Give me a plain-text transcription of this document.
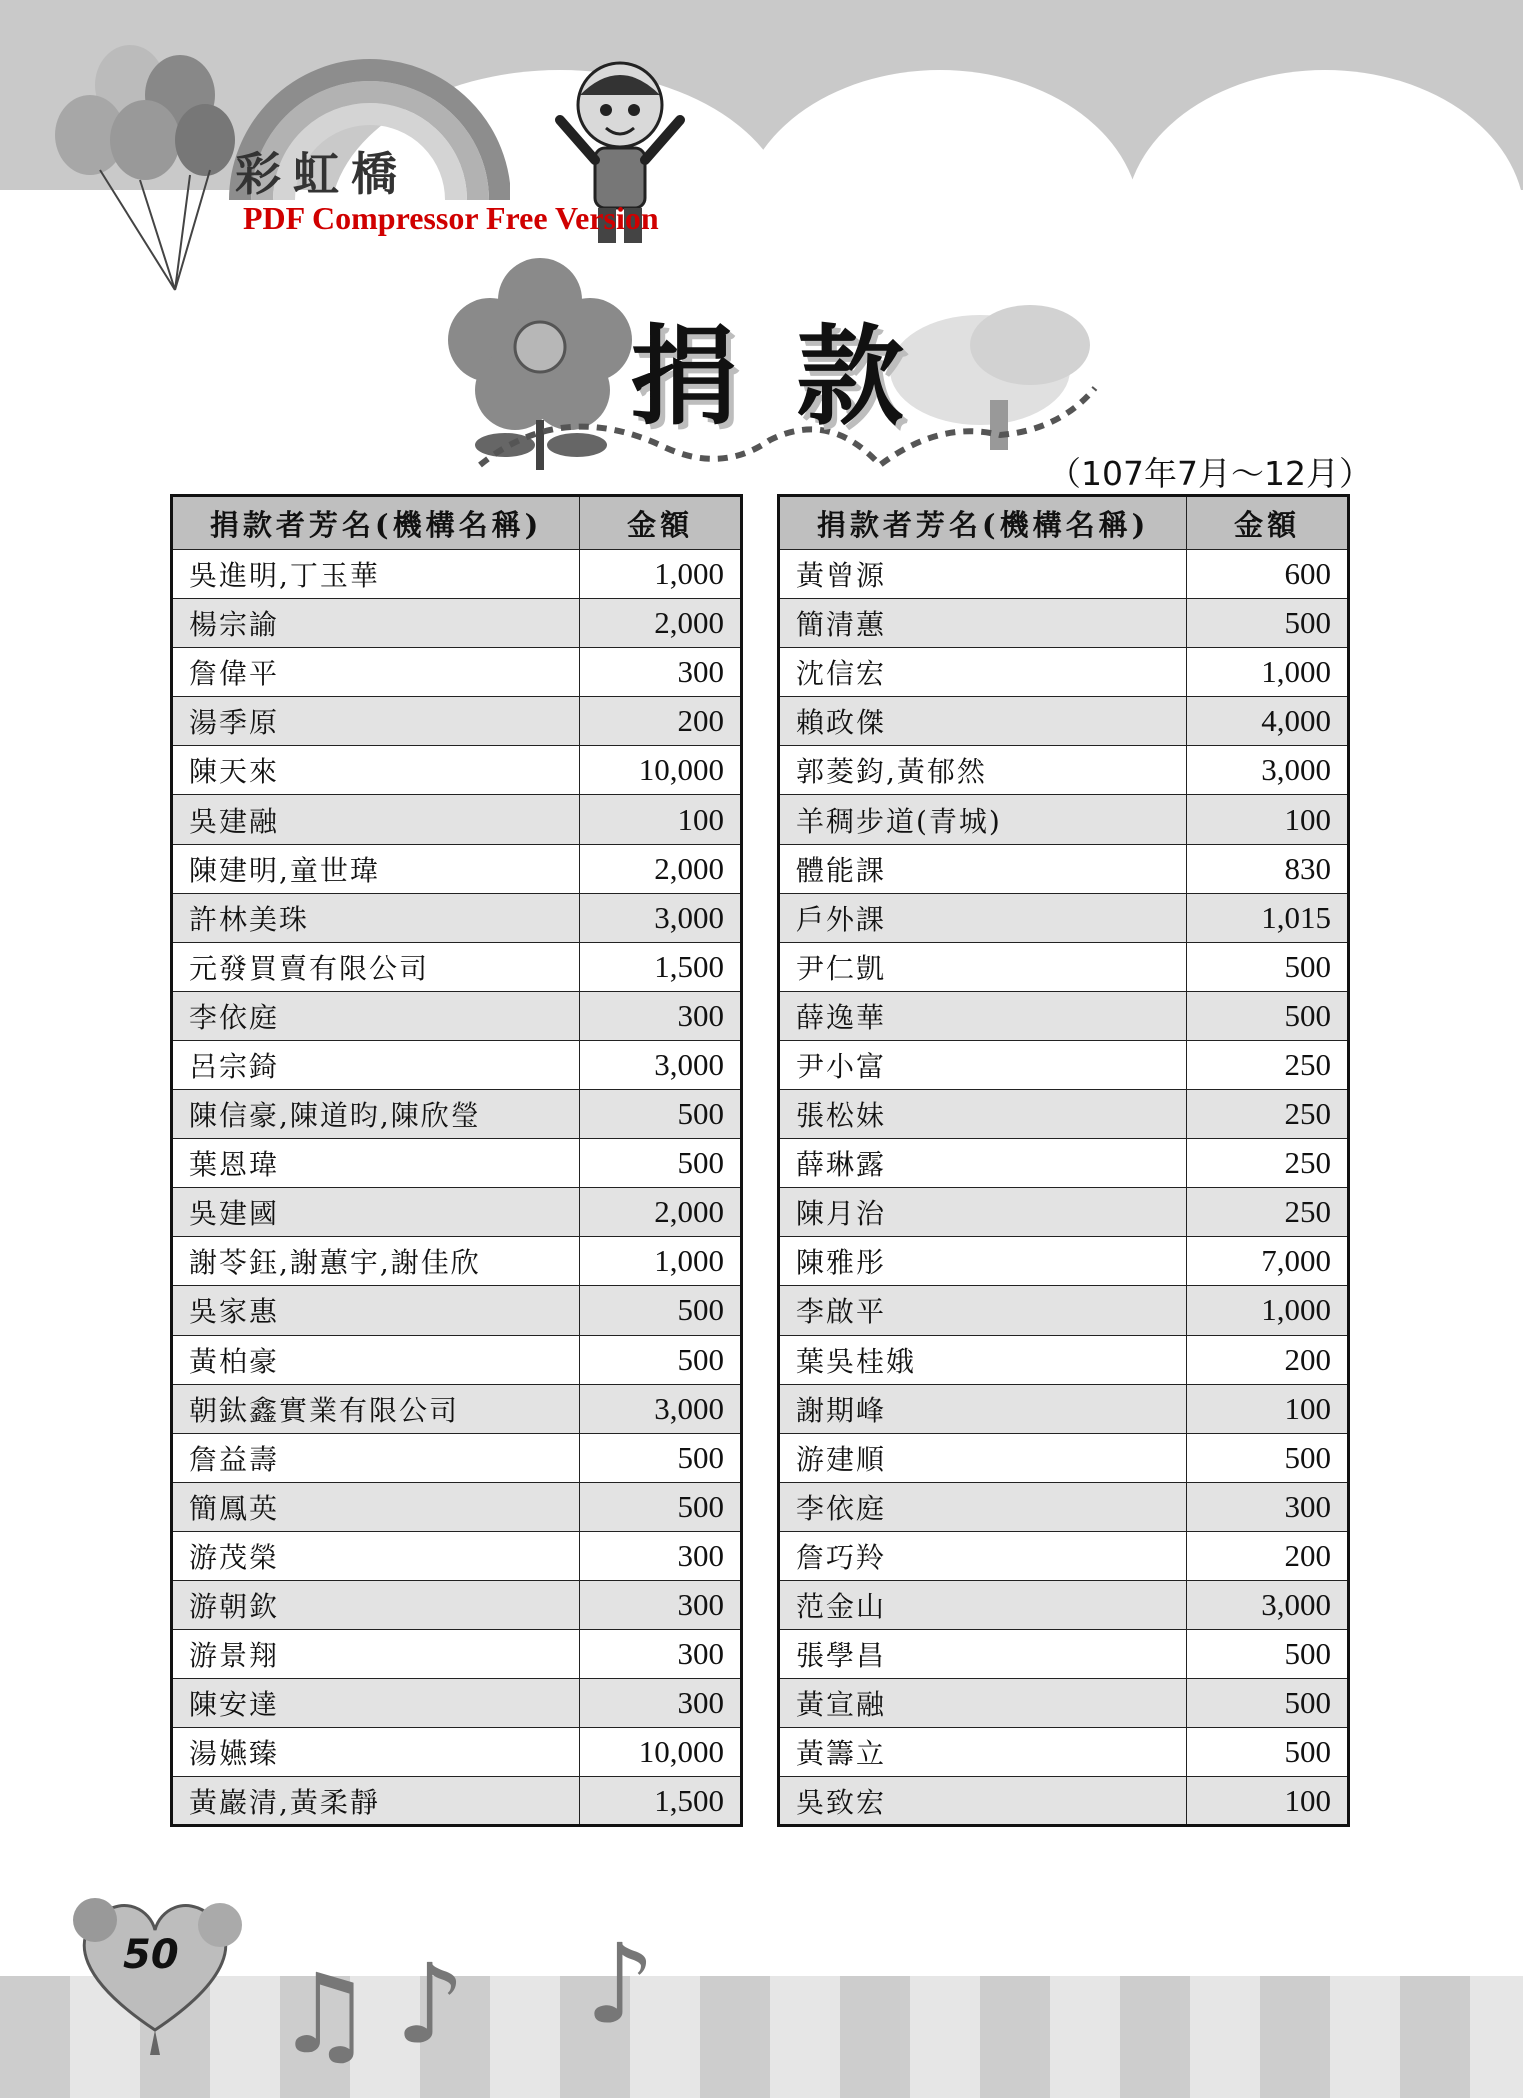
彩虹橋
PDF Compressor Free Version
捐款
（107年7月～12月）
捐款者芳名(機構名稱)	金額
吳進明,丁玉華	1,000
楊宗諭	2,000
詹偉平	300
湯季原	200
陳天來	10,000
吳建融	100
陳建明,童世瑋	2,000
許林美珠	3,000
元發買賣有限公司	1,500
李依庭	300
呂宗錡	3,000
陳信豪,陳道昀,陳欣瑩	500
葉恩瑋	500
吳建國	2,000
謝苓鈺,謝蕙宇,謝佳欣	1,000
吳家惠	500
黃柏豪	500
朝鈦鑫實業有限公司	3,000
詹益壽	500
簡鳳英	500
游茂榮	300
游朝欽	300
游景翔	300
陳安達	300
湯嬿臻	10,000
黃巖清,黃柔靜	1,500
捐款者芳名(機構名稱)	金額
黃曾源	600
簡清蕙	500
沈信宏	1,000
賴政傑	4,000
郭菱鈞,黃郁然	3,000
羊稠步道(青城)	100
體能課	830
戶外課	1,015
尹仁凱	500
薛逸華	500
尹小富	250
張松妹	250
薛琳露	250
陳月治	250
陳雅彤	7,000
李啟平	1,000
葉吳桂娥	200
謝期峰	100
游建順	500
李依庭	300
詹巧羚	200
范金山	3,000
張學昌	500
黃宣融	500
黃籌立	500
吳致宏	100
50 ♫ ♪ ♪
